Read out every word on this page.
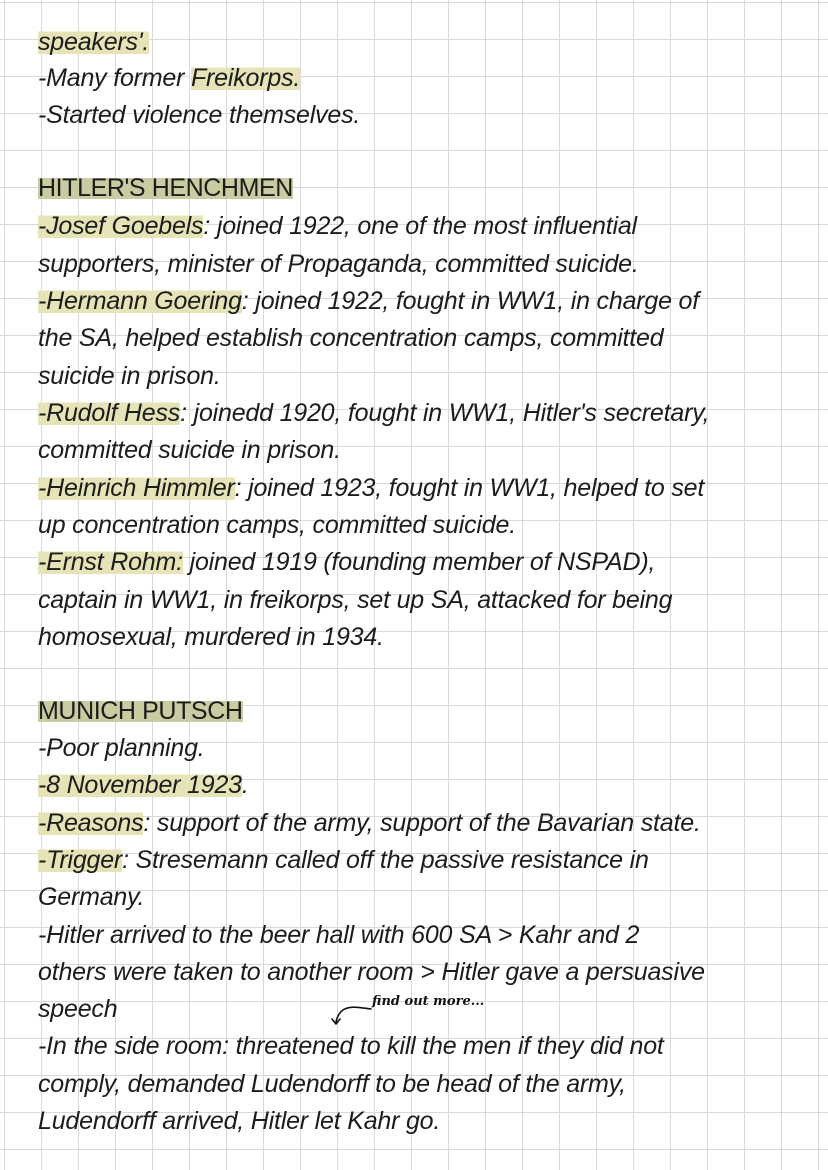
speakers'.
-Many former Freikorps.
-Started violence themselves.
HITLER'S HENCHMEN
-Josef Goebels: joined 1922, one of the most influential
supporters, minister of Propaganda, committed suicide.
-Hermann Goering: joined 1922, fought in WW1, in charge of
the SA, helped establish concentration camps, committed
suicide in prison.
-Rudolf Hess: joinedd 1920, fought in WW1, Hitler's secretary,
committed suicide in prison.
-Heinrich Himmler: joined 1923, fought in WW1, helped to set
up concentration camps, committed suicide.
-Ernst Rohm: joined 1919 (founding member of NSPAD),
captain in WW1, in freikorps, set up SA, attacked for being
homosexual, murdered in 1934.
MUNICH PUTSCH
-Poor planning.
-8 November 1923.
-Reasons: support of the army, support of the Bavarian state.
-Trigger: Stresemann called off the passive resistance in
Germany.
-Hitler arrived to the beer hall with 600 SA > Kahr and 2
others were taken to another room > Hitler gave a persuasive
speech	find out more...
-In the side room: threatened to kill the men if they did not
comply, demanded Ludendorff to be head of the army,
Ludendorff arrived, Hitler let Kahr go.
